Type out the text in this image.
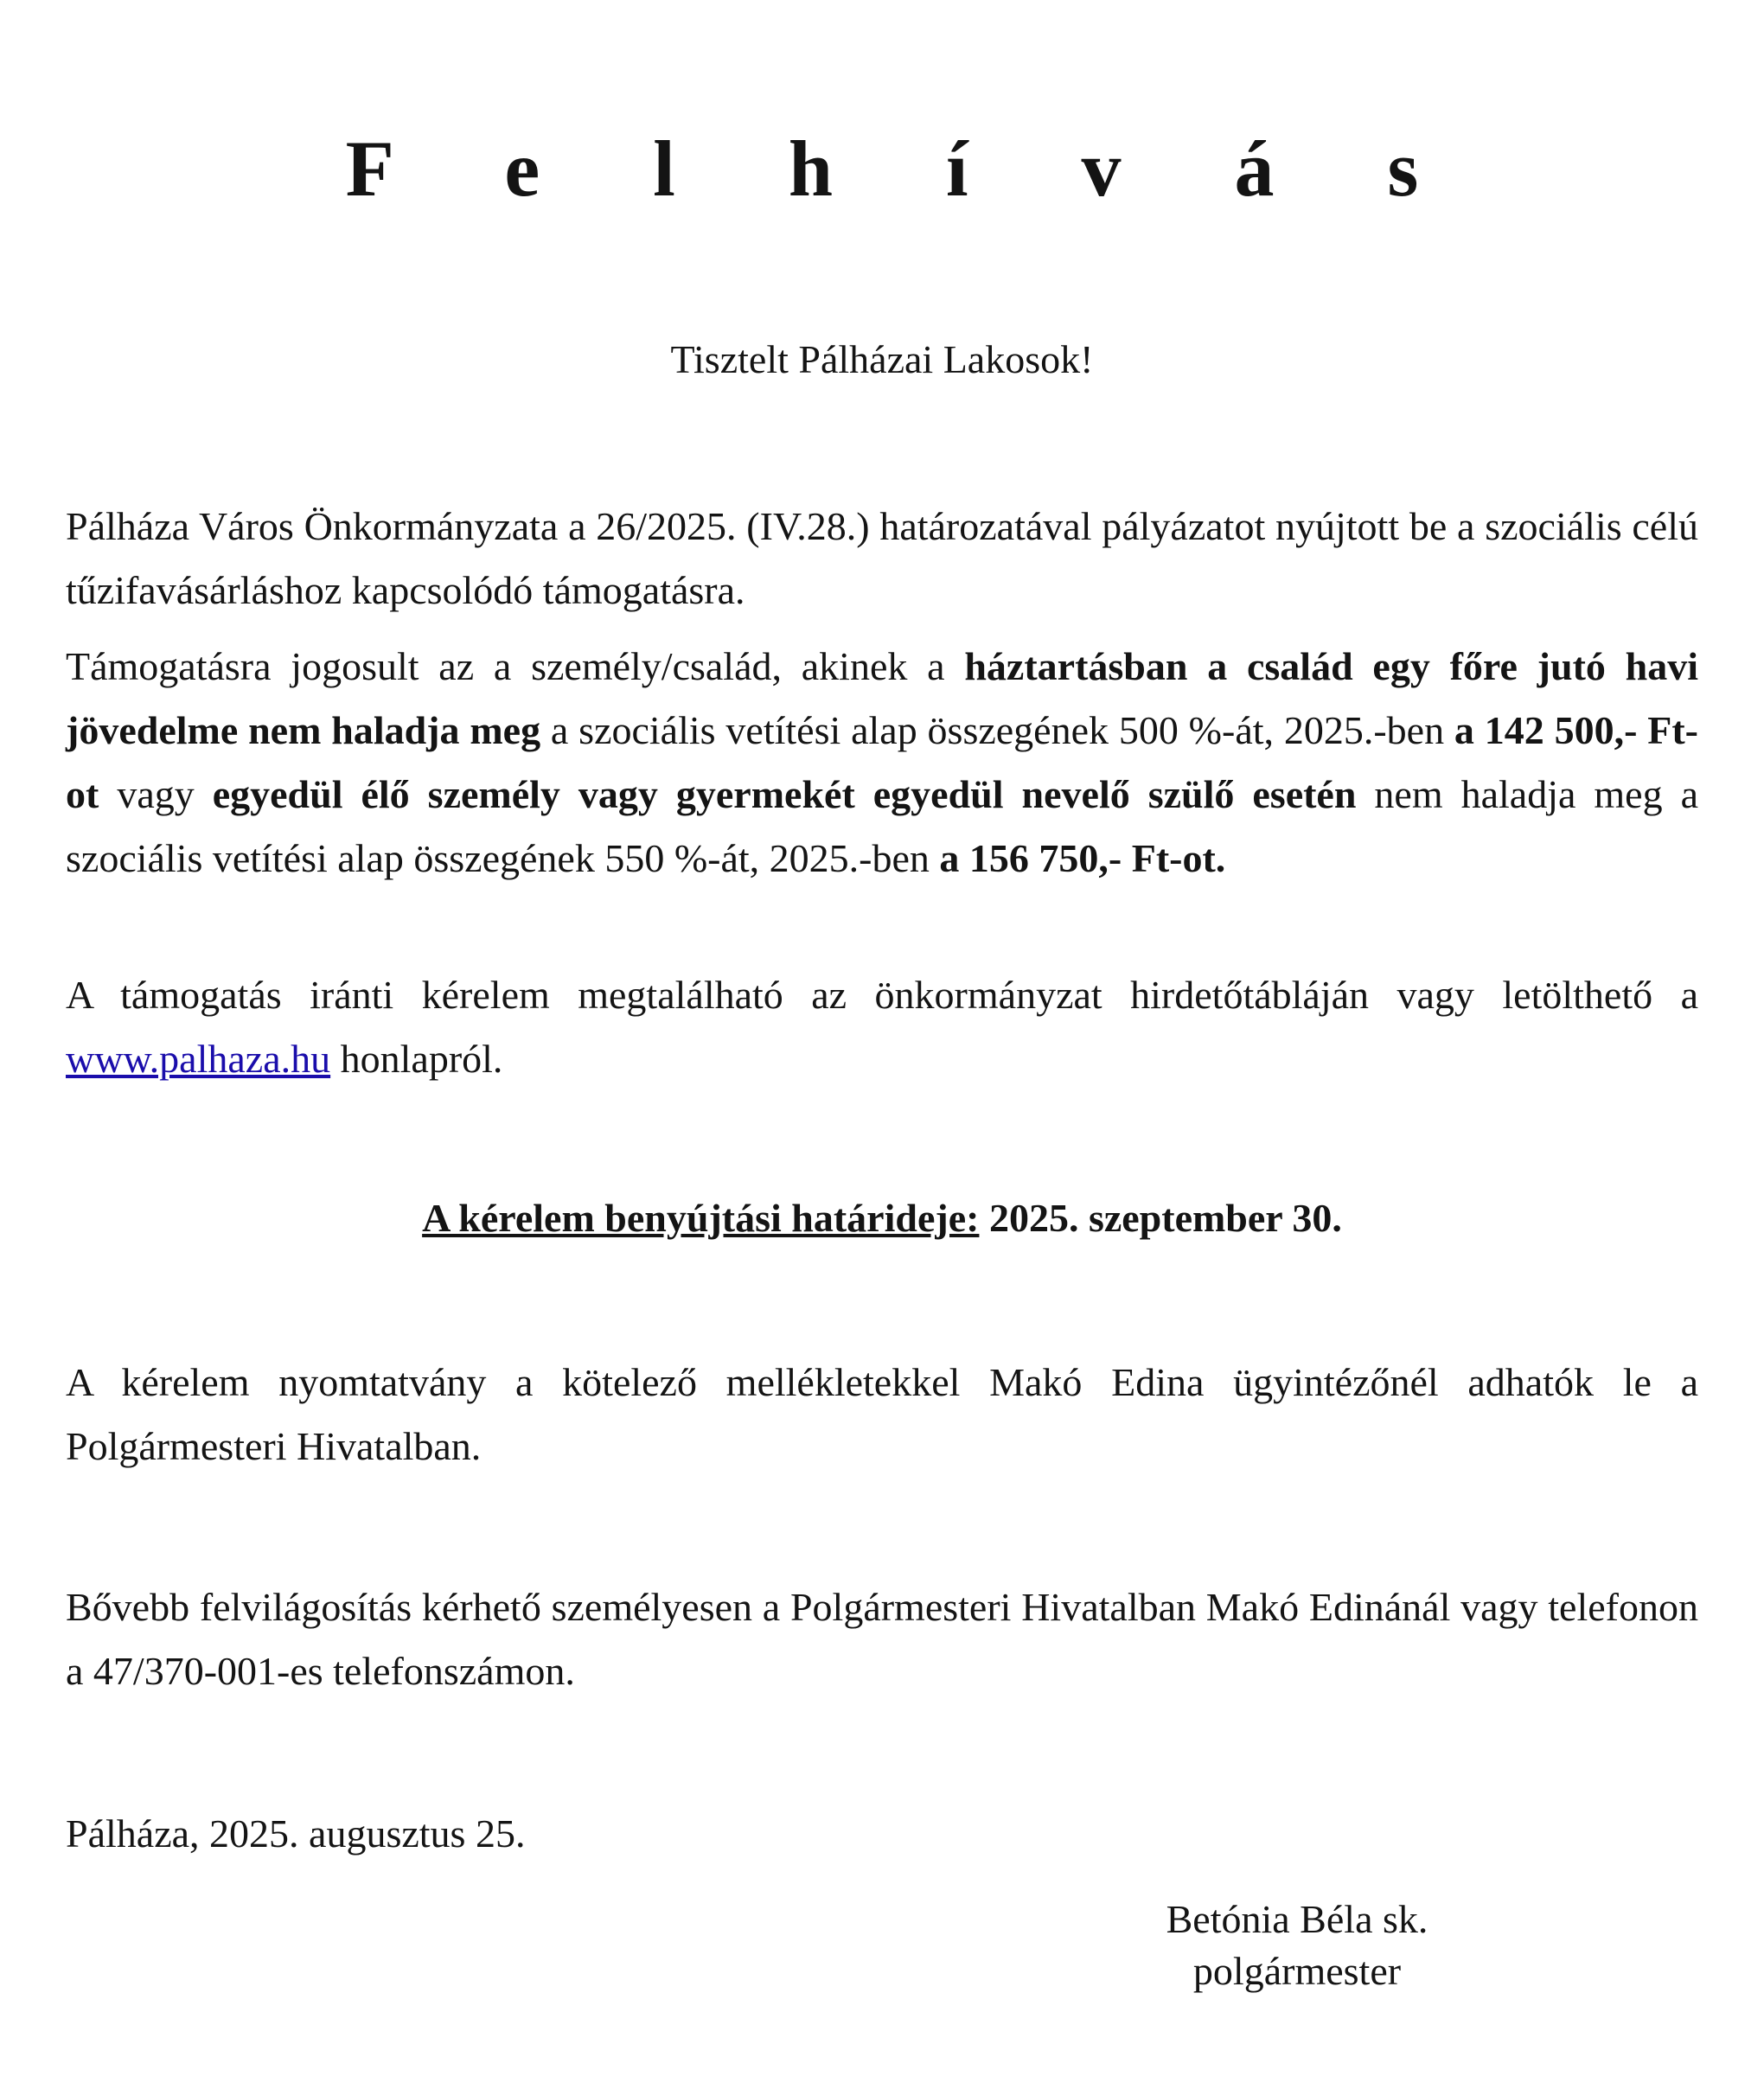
F e l h í v á s
Tisztelt Pálházai Lakosok!

Pálháza Város Önkormányzata a 26/2025. (IV.28.) határozatával pályázatot nyújtott be a szociális célú tűzifavásárláshoz kapcsolódó támogatásra.

Támogatásra jogosult az a személy/család, akinek a háztartásban a család egy főre jutó havi jövedelme nem haladja meg a szociális vetítési alap összegének 500 %-át, 2025.-ben a 142 500,- Ft-ot vagy egyedül élő személy vagy gyermekét egyedül nevelő szülő esetén nem haladja meg a szociális vetítési alap összegének 550 %-át, 2025.-ben a 156 750,- Ft-ot.

A támogatás iránti kérelem megtalálható az önkormányzat hirdetőtábláján vagy letölthető a www.palhaza.hu honlapról.

A kérelem benyújtási határideje: 2025. szeptember 30.

A kérelem nyomtatvány a kötelező mellékletekkel Makó Edina ügyintézőnél adhatók le a Polgármesteri Hivatalban.

Bővebb felvilágosítás kérhető személyesen a Polgármesteri Hivatalban Makó Edinánál vagy telefonon a 47/370-001-es telefonszámon.

Pálháza, 2025. augusztus 25.
Betónia Béla sk.
polgármester
